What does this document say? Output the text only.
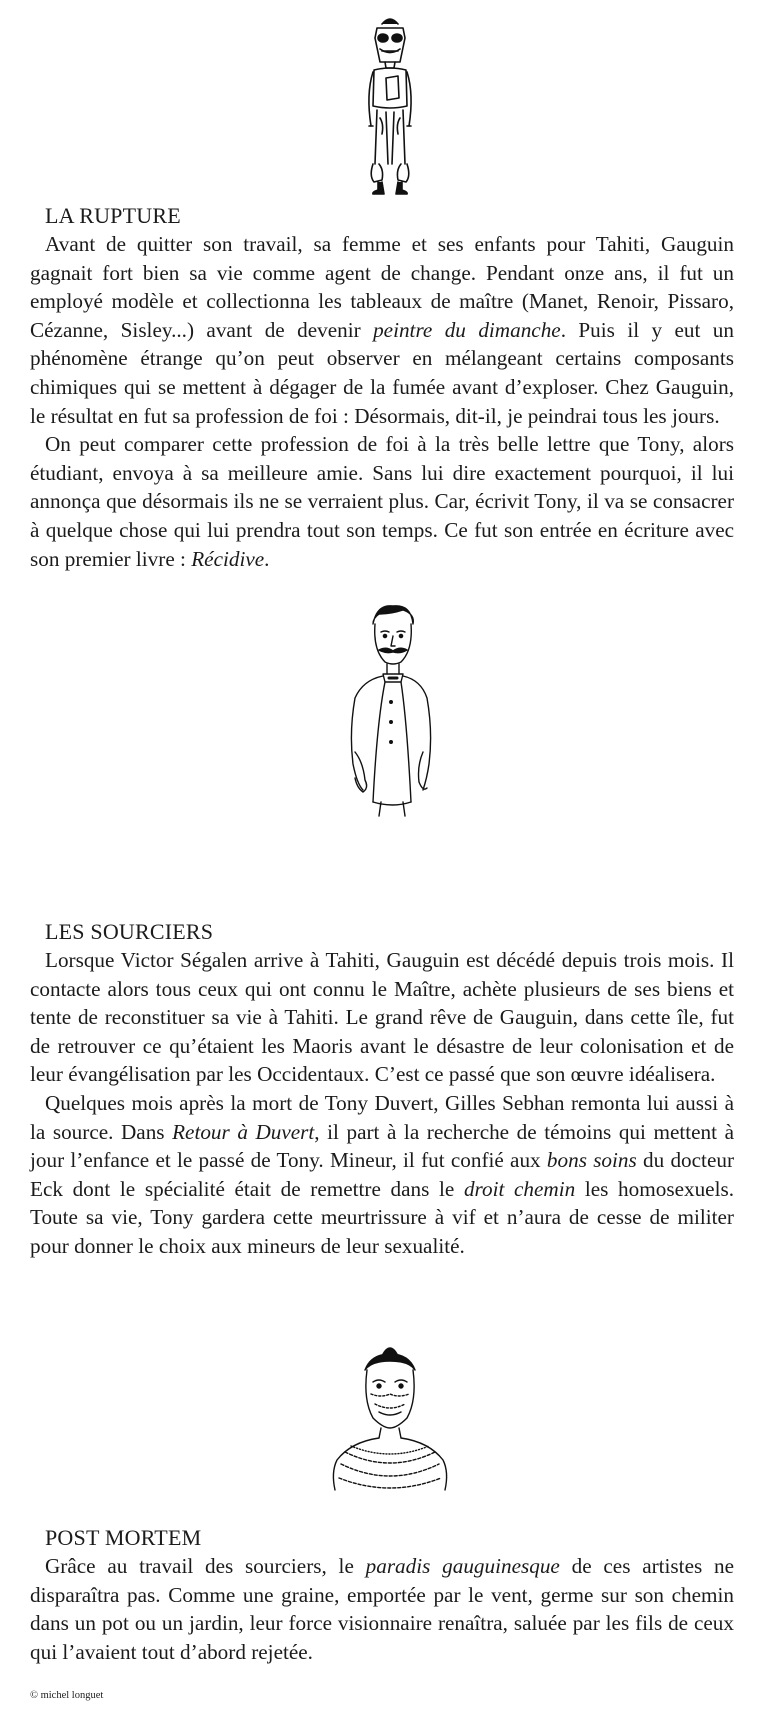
LA RUPTURE

Avant de quitter son travail, sa femme et ses enfants pour Tahiti, Gauguin gagnait fort bien sa vie comme agent de change. Pendant onze ans, il fut un employé modèle et collectionna les tableaux de maître (Manet, Renoir, Pissaro, Cézanne, Sisley...) avant de devenir peintre du dimanche. Puis il y eut un phénomène étrange qu’on peut observer en mélangeant certains composants chimiques qui se mettent à dégager de la fumée avant d’exploser. Chez Gauguin, le résultat en fut sa profession de foi : Désormais, dit-il, je peindrai tous les jours.

On peut comparer cette profession de foi à la très belle lettre que Tony, alors étudiant, envoya à sa meilleure amie. Sans lui dire exactement pourquoi, il lui annonça que désormais ils ne se verraient plus. Car, écrivit Tony, il va se consacrer à quelque chose qui lui prendra tout son temps. Ce fut son entrée en écriture avec son premier livre : Récidive.

LES SOURCIERS

Lorsque Victor Ségalen arrive à Tahiti, Gauguin est décédé depuis trois mois. Il contacte alors tous ceux qui ont connu le Maître, achète plusieurs de ses biens et tente de reconstituer sa vie à Tahiti. Le grand rêve de Gauguin, dans cette île, fut de retrouver ce qu’étaient les Maoris avant le désastre de leur colonisation et de leur évangélisation par les Occidentaux. C’est ce passé que son œuvre idéalisera.

Quelques mois après la mort de Tony Duvert, Gilles Sebhan remonta lui aussi à la source. Dans Retour à Duvert, il part à la recherche de témoins qui mettent à jour l’enfance et le passé de Tony. Mineur, il fut confié aux bons soins du docteur Eck dont le spécialité était de remettre dans le droit chemin les homosexuels. Toute sa vie, Tony gardera cette meurtrissure à vif et n’aura de cesse de militer pour donner le choix aux mineurs de leur sexualité.

POST MORTEM

Grâce au travail des sourciers, le paradis gauguinesque de ces artistes ne disparaîtra pas. Comme une graine, emportée par le vent, germe sur son chemin dans un pot ou un jardin, leur force visionnaire renaîtra, saluée par les fils de ceux qui l’avaient tout d’abord rejetée.

© michel longuet
